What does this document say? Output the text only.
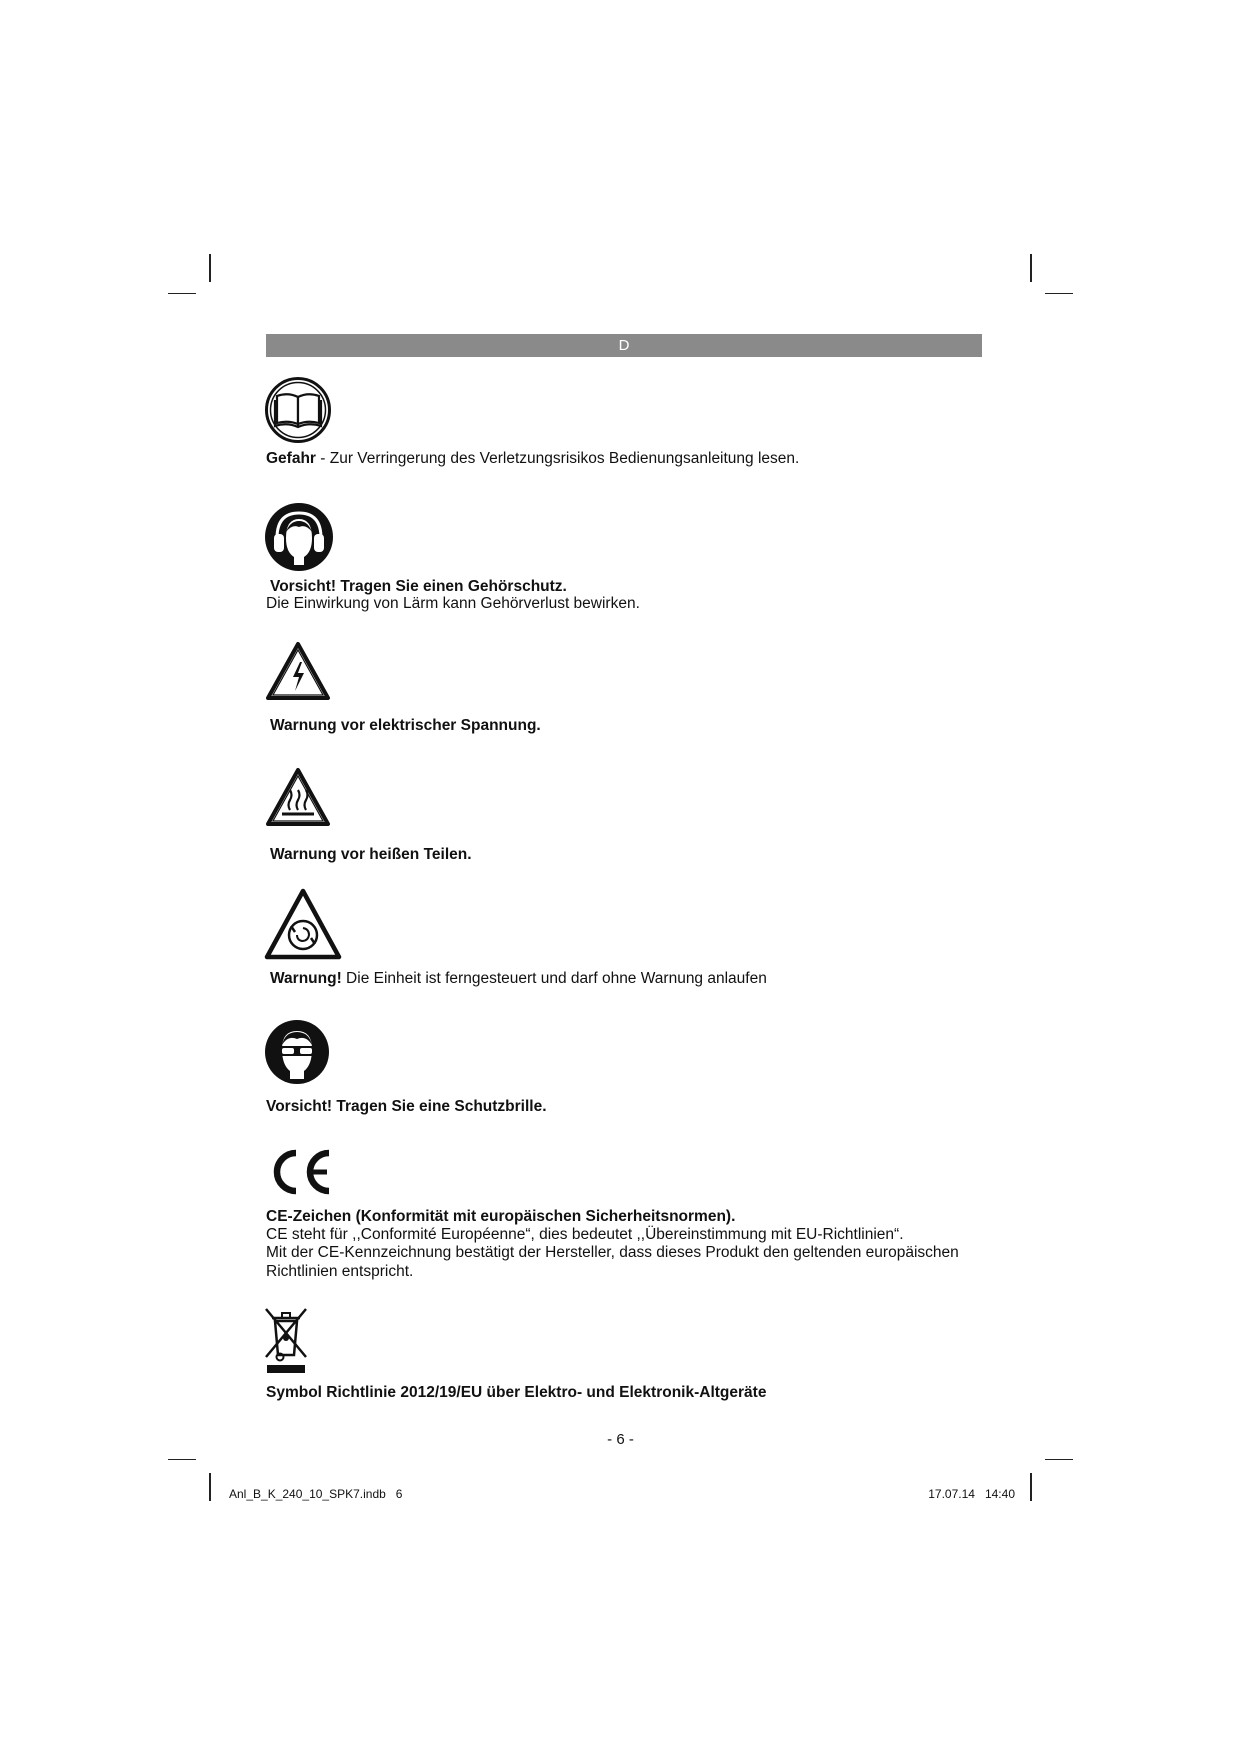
D
Gefahr - Zur Verringerung des Verletzungsrisikos Bedienungsanleitung lesen.
Vorsicht! Tragen Sie einen Gehörschutz.
Die Einwirkung von Lärm kann Gehörverlust bewirken.
Warnung vor elektrischer Spannung.
Warnung vor heißen Teilen.
Warnung! Die Einheit ist ferngesteuert und darf ohne Warnung anlaufen
Vorsicht! Tragen Sie eine Schutzbrille.
CE-Zeichen (Konformität mit europäischen Sicherheitsnormen).
CE steht für ,,Conformité Européenne“, dies bedeutet ,,Übereinstimmung mit EU-Richtlinien“.
Mit der CE-Kennzeichnung bestätigt der Hersteller, dass dieses Produkt den geltenden europäischen
Richtlinien entspricht.
Symbol Richtlinie 2012/19/EU über Elektro- und Elektronik-Altgeräte
- 6 -
Anl_B_K_240_10_SPK7.indb   6	17.07.14   14:40
